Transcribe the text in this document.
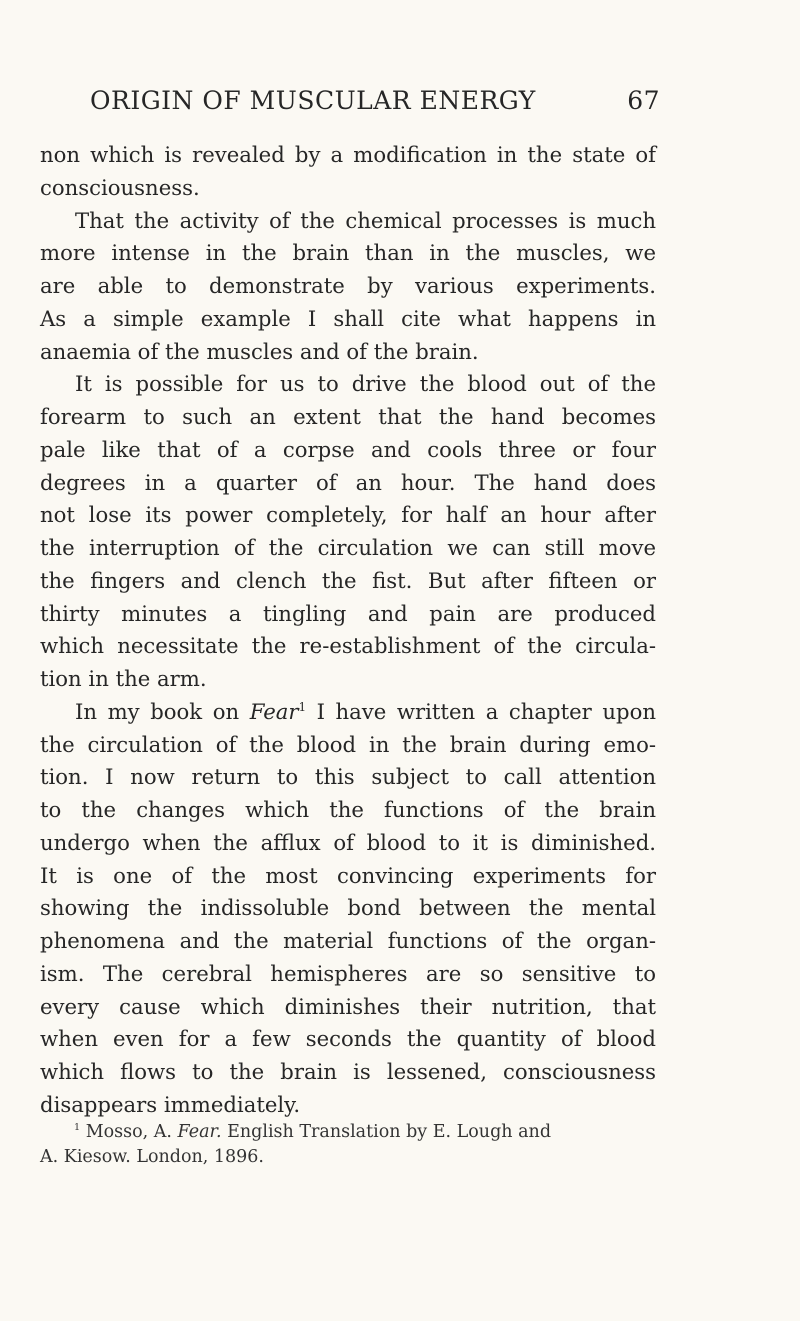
ORIGIN OF MUSCULAR ENERGY	67
non which is revealed by a modification in the state of
consciousness.
That the activity of the chemical processes is much
more intense in the brain than in the muscles, we
are able to demonstrate by various experiments.
As a simple example I shall cite what happens in
anaemia of the muscles and of the brain.
It is possible for us to drive the blood out of the
forearm to such an extent that the hand becomes
pale like that of a corpse and cools three or four
degrees in a quarter of an hour. The hand does
not lose its power completely, for half an hour after
the interruption of the circulation we can still move
the fingers and clench the fist. But after fifteen or
thirty minutes a tingling and pain are produced
which necessitate the re-establishment of the circula-
tion in the arm.
In my book on Fear$^1$ I have written a chapter upon
the circulation of the blood in the brain during emo-
tion. I now return to this subject to call attention
to the changes which the functions of the brain
undergo when the afflux of blood to it is diminished.
It is one of the most convincing experiments for
showing the indissoluble bond between the mental
phenomena and the material functions of the organ-
ism. The cerebral hemispheres are so sensitive to
every cause which diminishes their nutrition, that
when even for a few seconds the quantity of blood
which flows to the brain is lessened, consciousness
disappears immediately.
$^1$ Mosso, A. Fear. English Translation by E. Lough and
A. Kiesow. London, 1896.
